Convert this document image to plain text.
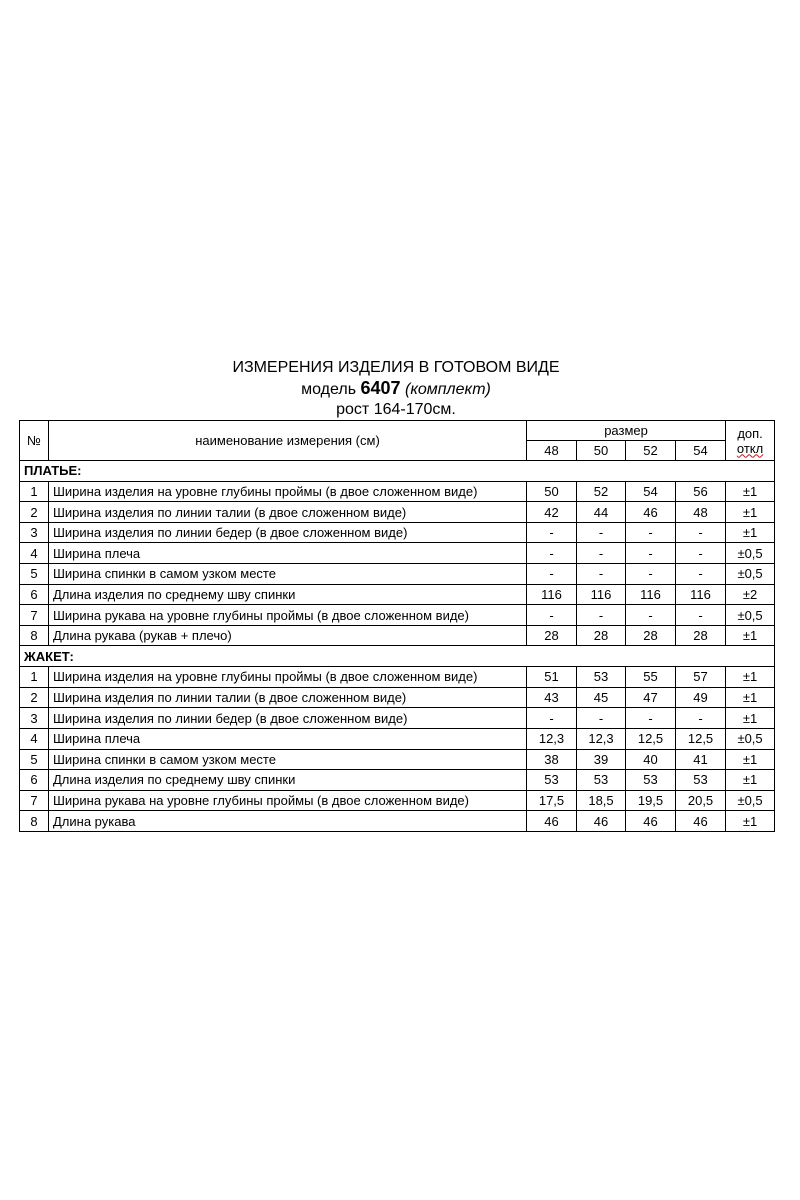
ИЗМЕРЕНИЯ ИЗДЕЛИЯ В ГОТОВОМ ВИДЕ
модель 6407 (комплект)
рост 164-170см.
№	наименование измерения (см)	размер				доп.
откл
		48	50	52	54	
ПЛАТЬЕ:						
1	Ширина изделия на уровне глубины проймы (в двое сложенном виде)	50	52	54	56	±1
2	Ширина изделия по линии талии (в двое сложенном виде)	42	44	46	48	±1
3	Ширина изделия по линии бедер (в двое сложенном виде)	-	-	-	-	±1
4	Ширина плеча	-	-	-	-	±0,5
5	Ширина спинки в самом узком месте	-	-	-	-	±0,5
6	Длина изделия по среднему шву спинки	116	116	116	116	±2
7	Ширина рукава на уровне глубины проймы (в двое сложенном виде)	-	-	-	-	±0,5
8	Длина рукава (рукав + плечо)	28	28	28	28	±1
ЖАКЕТ:						
1	Ширина изделия на уровне глубины проймы (в двое сложенном виде)	51	53	55	57	±1
2	Ширина изделия по линии талии (в двое сложенном виде)	43	45	47	49	±1
3	Ширина изделия по линии бедер (в двое сложенном виде)	-	-	-	-	±1
4	Ширина плеча	12,3	12,3	12,5	12,5	±0,5
5	Ширина спинки в самом узком месте	38	39	40	41	±1
6	Длина изделия по среднему шву спинки	53	53	53	53	±1
7	Ширина рукава на уровне глубины проймы (в двое сложенном виде)	17,5	18,5	19,5	20,5	±0,5
8	Длина рукава	46	46	46	46	±1
